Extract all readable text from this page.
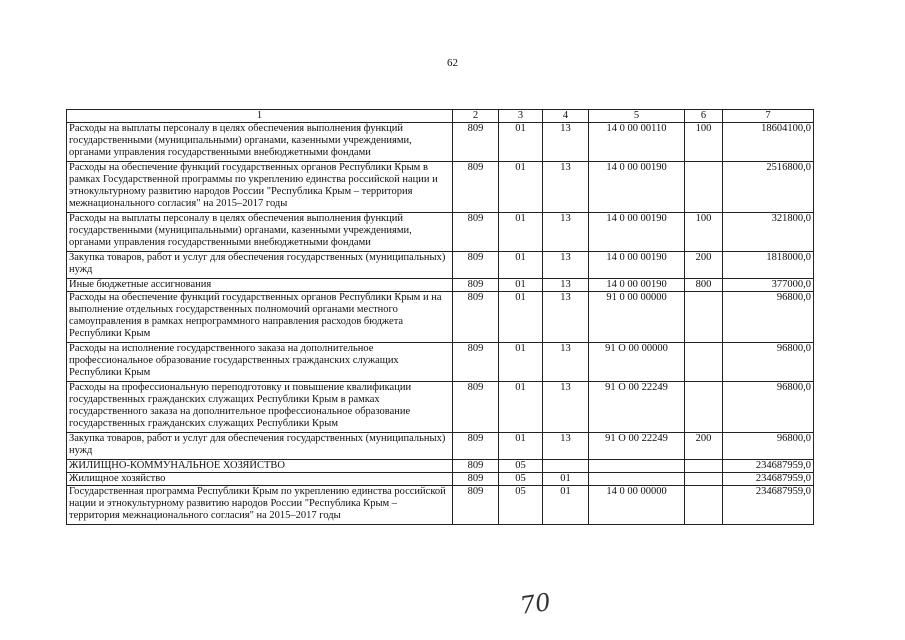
62
1	2	3	4	5	6	7
Расходы на выплаты персоналу в целях обеспечения выполнения функций государственными (муниципальными) органами, казенными учреждениями, органами управления государственными внебюджетными фондами	809	01	13	14 0 00 00110	100	18604100,0
Расходы на обеспечение функций государственных органов Республики Крым в рамках Государственной программы по укреплению единства российской нации и этнокультурному развитию народов России "Республика Крым – территория межнационального согласия" на 2015–2017 годы	809	01	13	14 0 00 00190		2516800,0
Расходы на выплаты персоналу в целях обеспечения выполнения функций государственными (муниципальными) органами, казенными учреждениями, органами управления государственными внебюджетными фондами	809	01	13	14 0 00 00190	100	321800,0
Закупка товаров, работ и услуг для обеспечения государственных (муниципальных) нужд	809	01	13	14 0 00 00190	200	1818000,0
Иные бюджетные ассигнования	809	01	13	14 0 00 00190	800	377000,0
Расходы на обеспечение функций государственных органов Республики Крым и на выполнение отдельных государственных полномочий органами местного самоуправления в рамках непрограммного направления расходов бюджета Республики Крым	809	01	13	91 0 00 00000		96800,0
Расходы на исполнение государственного заказа на дополнительное профессиональное образование государственных гражданских служащих Республики Крым	809	01	13	91 О 00 00000		96800,0
Расходы на профессиональную переподготовку и повышение квалификации государственных гражданских служащих Республики Крым в рамках государственного заказа на дополнительное профессиональное образование государственных гражданских служащих Республики Крым	809	01	13	91 О 00 22249		96800,0
Закупка товаров, работ и услуг для обеспечения государственных (муниципальных) нужд	809	01	13	91 О 00 22249	200	96800,0
ЖИЛИЩНО-КОММУНАЛЬНОЕ ХОЗЯЙСТВО	809	05				234687959,0
Жилищное хозяйство	809	05	01			234687959,0
Государственная программа Республики Крым по укреплению единства российской нации и этнокультурному развитию народов России "Республика Крым – территория межнационального согласия" на 2015–2017 годы	809	05	01	14 0 00 00000		234687959,0
70
